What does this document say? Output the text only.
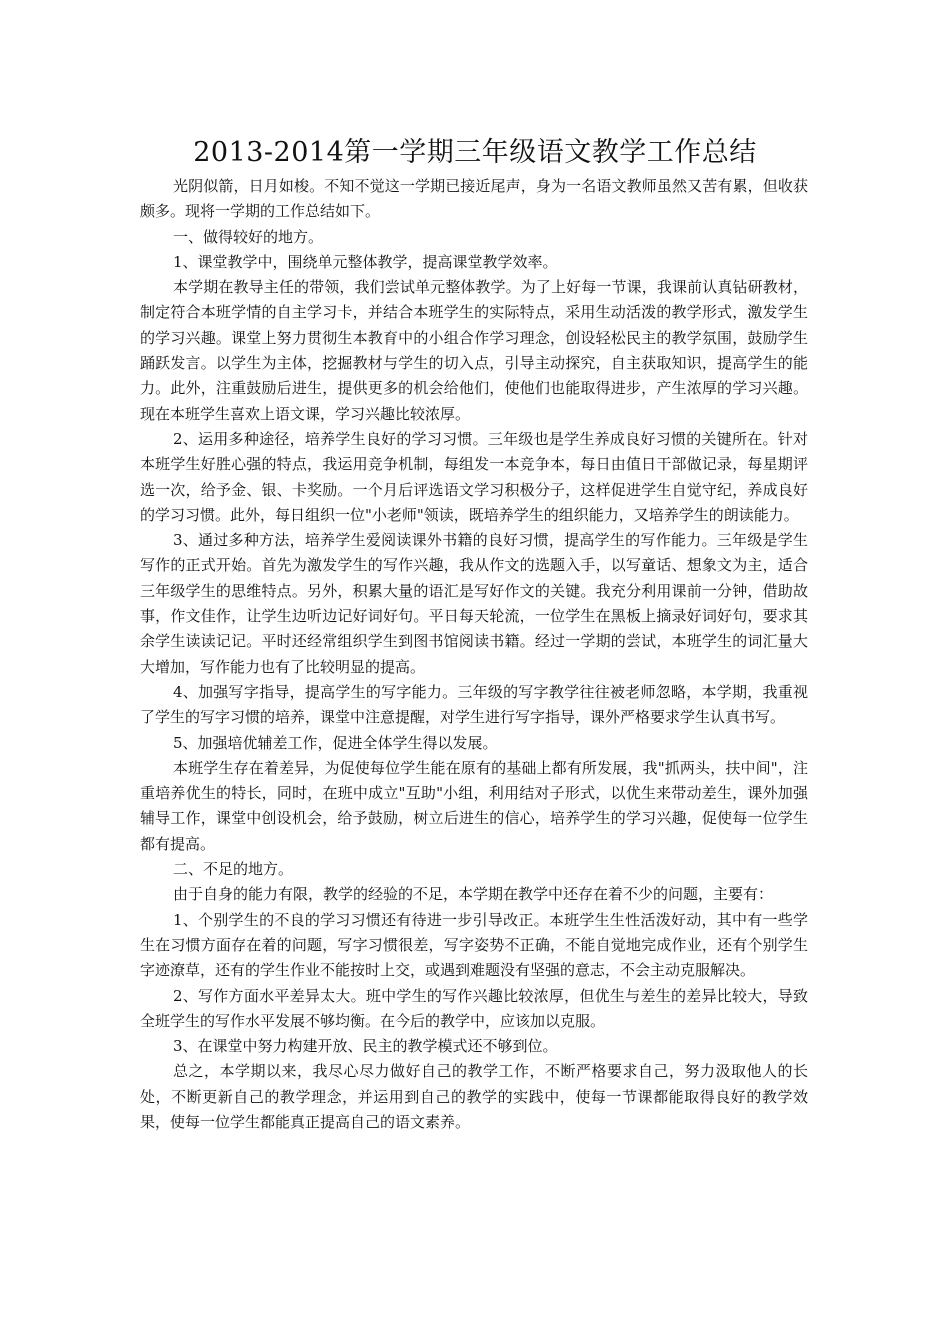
2013-2014第一学期三年级语文教学工作总结

光阴似箭，日月如梭。不知不觉这一学期已接近尾声，身为一名语文教师虽然又苦有累，但收获颇多。现将一学期的工作总结如下。

一、做得较好的地方。

1、课堂教学中，围绕单元整体教学，提高课堂教学效率。

本学期在教导主任的带领，我们尝试单元整体教学。为了上好每一节课，我课前认真钻研教材，制定符合本班学情的自主学习卡，并结合本班学生的实际特点，采用生动活泼的教学形式，激发学生的学习兴趣。课堂上努力贯彻生本教育中的小组合作学习理念，创设轻松民主的教学氛围，鼓励学生踊跃发言。以学生为主体，挖掘教材与学生的切入点，引导主动探究，自主获取知识，提高学生的能力。此外，注重鼓励后进生，提供更多的机会给他们，使他们也能取得进步，产生浓厚的学习兴趣。现在本班学生喜欢上语文课，学习兴趣比较浓厚。

2、运用多种途径，培养学生良好的学习习惯。三年级也是学生养成良好习惯的关键所在。针对本班学生好胜心强的特点，我运用竞争机制，每组发一本竞争本，每日由值日干部做记录，每星期评选一次，给予金、银、卡奖励。一个月后评选语文学习积极分子，这样促进学生自觉守纪，养成良好的学习习惯。此外，每日组织一位"小老师"领读，既培养学生的组织能力，又培养学生的朗读能力。

3、通过多种方法，培养学生爱阅读课外书籍的良好习惯，提高学生的写作能力。三年级是学生写作的正式开始。首先为激发学生的写作兴趣，我从作文的选题入手，以写童话、想象文为主，适合三年级学生的思维特点。另外，积累大量的语汇是写好作文的关键。我充分利用课前一分钟，借助故事，作文佳作，让学生边听边记好词好句。平日每天轮流，一位学生在黑板上摘录好词好句，要求其余学生读读记记。平时还经常组织学生到图书馆阅读书籍。经过一学期的尝试，本班学生的词汇量大大增加，写作能力也有了比较明显的提高。

4、加强写字指导，提高学生的写字能力。三年级的写字教学往往被老师忽略，本学期，我重视了学生的写字习惯的培养，课堂中注意提醒，对学生进行写字指导，课外严格要求学生认真书写。

5、加强培优辅差工作，促进全体学生得以发展。

本班学生存在着差异，为促使每位学生能在原有的基础上都有所发展，我"抓两头，扶中间"，注重培养优生的特长，同时，在班中成立"互助"小组，利用结对子形式，以优生来带动差生，课外加强辅导工作，课堂中创设机会，给予鼓励，树立后进生的信心，培养学生的学习兴趣，促使每一位学生都有提高。

二、不足的地方。

由于自身的能力有限，教学的经验的不足，本学期在教学中还存在着不少的问题，主要有：

1、个别学生的不良的学习习惯还有待进一步引导改正。本班学生生性活泼好动，其中有一些学生在习惯方面存在着的问题，写字习惯很差，写字姿势不正确，不能自觉地完成作业，还有个别学生字迹潦草，还有的学生作业不能按时上交，或遇到难题没有坚强的意志，不会主动克服解决。

2、写作方面水平差异太大。班中学生的写作兴趣比较浓厚，但优生与差生的差异比较大，导致全班学生的写作水平发展不够均衡。在今后的教学中，应该加以克服。

3、在课堂中努力构建开放、民主的教学模式还不够到位。

总之，本学期以来，我尽心尽力做好自己的教学工作，不断严格要求自己，努力汲取他人的长处，不断更新自己的教学理念，并运用到自己的教学的实践中，使每一节课都能取得良好的教学效果，使每一位学生都能真正提高自己的语文素养。
